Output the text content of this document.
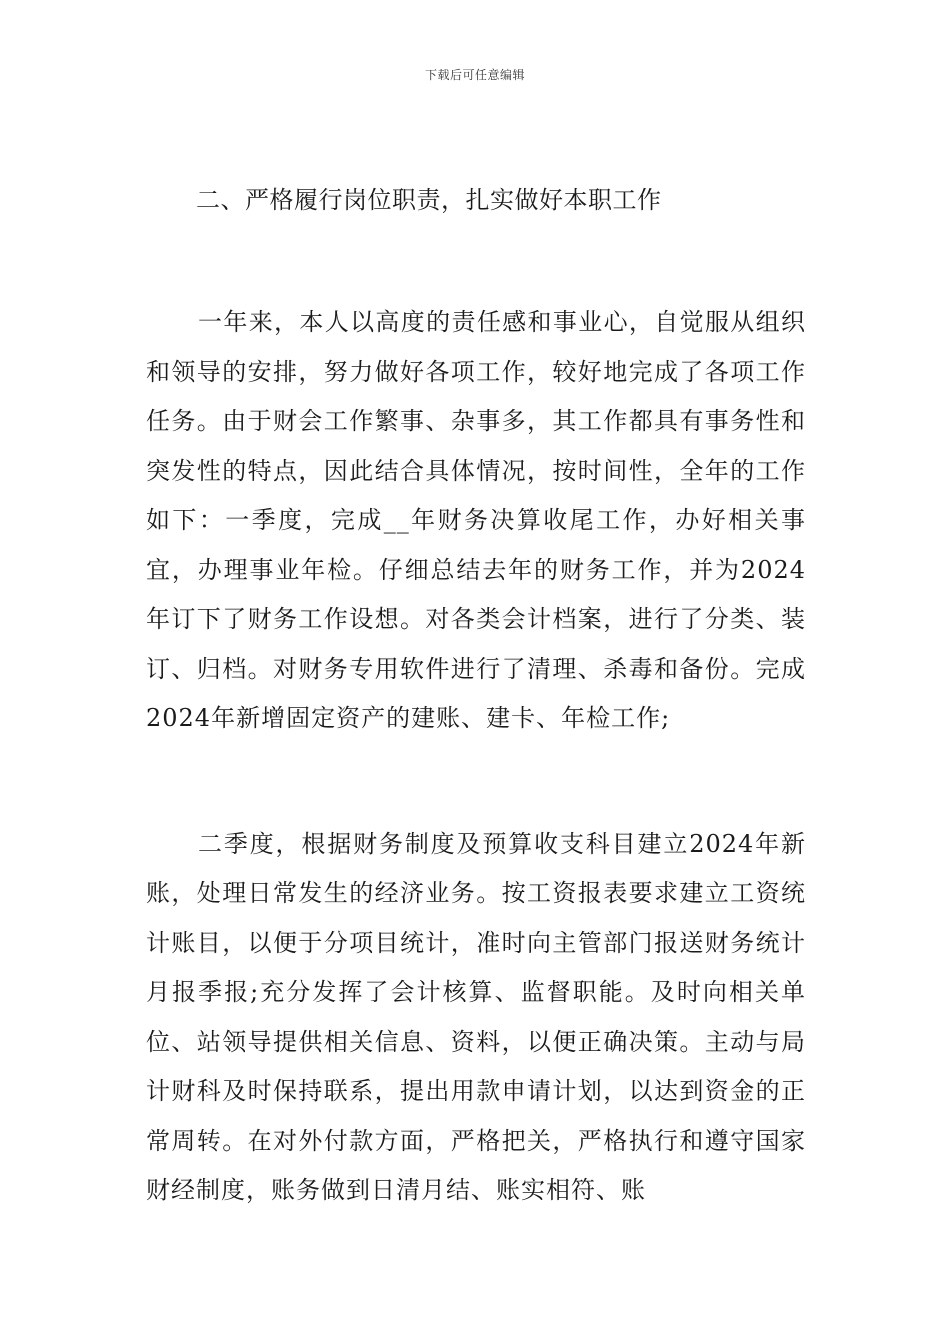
下载后可任意编辑

二、严格履行岗位职责，扎实做好本职工作

一年来，本人以高度的责任感和事业心，自觉服从组织和领导的安排，努力做好各项工作，较好地完成了各项工作任务。由于财会工作繁事、杂事多，其工作都具有事务性和突发性的特点，因此结合具体情况，按时间性，全年的工作如下：一季度，完成__年财务决算收尾工作，办好相关事宜，办理事业年检。仔细总结去年的财务工作，并为2024年订下了财务工作设想。对各类会计档案，进行了分类、装订、归档。对财务专用软件进行了清理、杀毒和备份。完成2024年新增固定资产的建账、建卡、年检工作;

二季度，根据财务制度及预算收支科目建立2024年新账，处理日常发生的经济业务。按工资报表要求建立工资统计账目，以便于分项目统计，准时向主管部门报送财务统计月报季报;充分发挥了会计核算、监督职能。及时向相关单位、站领导提供相关信息、资料，以便正确决策。主动与局计财科及时保持联系，提出用款申请计划，以达到资金的正常周转。在对外付款方面，严格把关，严格执行和遵守国家财经制度，账务做到日清月结、账实相符、账
